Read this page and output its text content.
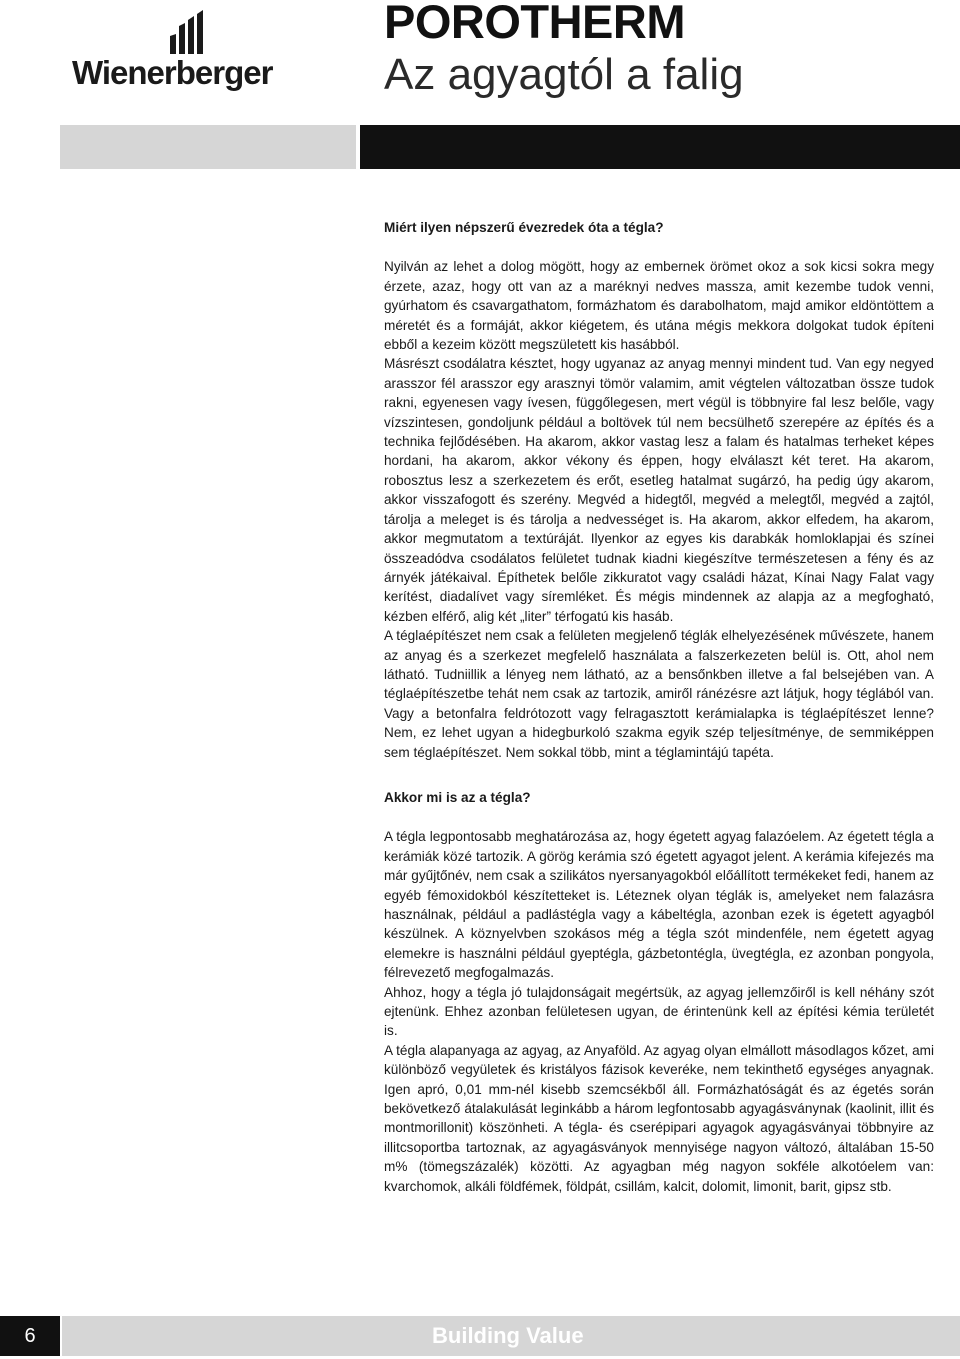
Wienerberger
POROTHERM
Az agyagtól a falig
Miért ilyen népszerű évezredek óta a tégla?

Nyilván az lehet a dolog mögött, hogy az embernek örömet okoz a sok kicsi sokra megy érzete, azaz, hogy ott van az a maréknyi nedves massza, amit kezembe tudok venni, gyúrhatom és csavargathatom, formázhatom és darabolhatom, majd amikor eldöntöttem a méretét és a formáját, akkor kiégetem, és utána mégis mekkora dolgokat tudok építeni ebből a kezeim között megszületett kis hasábból.

Másrészt csodálatra késztet, hogy ugyanaz az anyag mennyi mindent tud. Van egy negyed arasszor fél arasszor egy arasznyi tömör valamim, amit végtelen változatban össze tudok rakni, egyenesen vagy ívesen, függőlegesen, mert végül is többnyire fal lesz belőle, vagy vízszintesen, gondoljunk például a boltövek túl nem becsülhető szerepére az építés és a technika fejlődésében. Ha akarom, akkor vastag lesz a falam és hatalmas terheket képes hordani, ha akarom, akkor vékony és éppen, hogy elválaszt két teret. Ha akarom, robosztus lesz a szerkezetem és erőt, esetleg hatalmat sugárzó, ha pedig úgy akarom, akkor visszafogott és szerény. Megvéd a hidegtől, megvéd a melegtől, megvéd a zajtól, tárolja a meleget is és tárolja a nedvességet is. Ha akarom, akkor elfedem, ha akarom, akkor megmutatom a textúráját. Ilyenkor az egyes kis darabkák homloklapjai és színei összeadódva csodálatos felületet tudnak kiadni kiegészítve természetesen a fény és az árnyék játékaival. Építhetek belőle zikkuratot vagy családi házat, Kínai Nagy Falat vagy kerítést, diadalívet vagy síremléket. És mégis mindennek az alapja az a megfogható, kézben elférő, alig két „liter” térfogatú kis hasáb.

A téglaépítészet nem csak a felületen megjelenő téglák elhelyezésének művészete, hanem az anyag és a szerkezet megfelelő használata a falszerkezeten belül is. Ott, ahol nem látható. Tudniillik a lényeg nem látható, az a bensőnkben illetve a fal belsejében van. A téglaépítészetbe tehát nem csak az tartozik, amiről ránézésre azt látjuk, hogy téglából van. Vagy a betonfalra feldrótozott vagy felragasztott kerámialapka is téglaépítészet lenne? Nem, ez lehet ugyan a hidegburkoló szakma egyik szép teljesítménye, de semmiképpen sem téglaépítészet. Nem sokkal több, mint a téglamintájú tapéta.

Akkor mi is az a tégla?

A tégla legpontosabb meghatározása az, hogy égetett agyag falazóelem. Az égetett tégla a kerámiák közé tartozik. A görög kerámia szó égetett agyagot jelent. A kerámia kifejezés ma már gyűjtőnév, nem csak a szilikátos nyersanyagokból előállított termékeket fedi, hanem az egyéb fémoxidokból készítetteket is. Léteznek olyan téglák is, amelyeket nem falazásra használnak, például a padlástégla vagy a kábeltégla, azonban ezek is égetett agyagból készülnek. A köznyelvben szokásos még a tégla szót mindenféle, nem égetett agyag elemekre is használni például gyeptégla, gázbetontégla, üvegtégla, ez azonban pongyola, félrevezető megfogalmazás.

Ahhoz, hogy a tégla jó tulajdonságait megértsük, az agyag jellemzőiről is kell néhány szót ejtenünk. Ehhez azonban felületesen ugyan, de érintenünk kell az építési kémia területét is.

A tégla alapanyaga az agyag, az Anyaföld. Az agyag olyan elmállott másodlagos kőzet, ami különböző vegyületek és kristályos fázisok keveréke, nem tekinthető egységes anyagnak. Igen apró, 0,01 mm-nél kisebb szemcsékből áll. Formázhatóságát és az égetés során bekövetkező átalakulását leginkább a három legfontosabb agyagásványnak (kaolinit, illit és montmorillonit) köszönheti. A tégla- és cserépipari agyagok agyagásványai többnyire az illitcsoportba tartoznak, az agyagásványok mennyisége nagyon változó, általában 15-50 m% (tömegszázalék) közötti. Az agyagban még nagyon sokféle alkotóelem van: kvarchomok, alkáli földfémek, földpát, csillám, kalcit, dolomit, limonit, barit, gipsz stb.

6	Building Value
